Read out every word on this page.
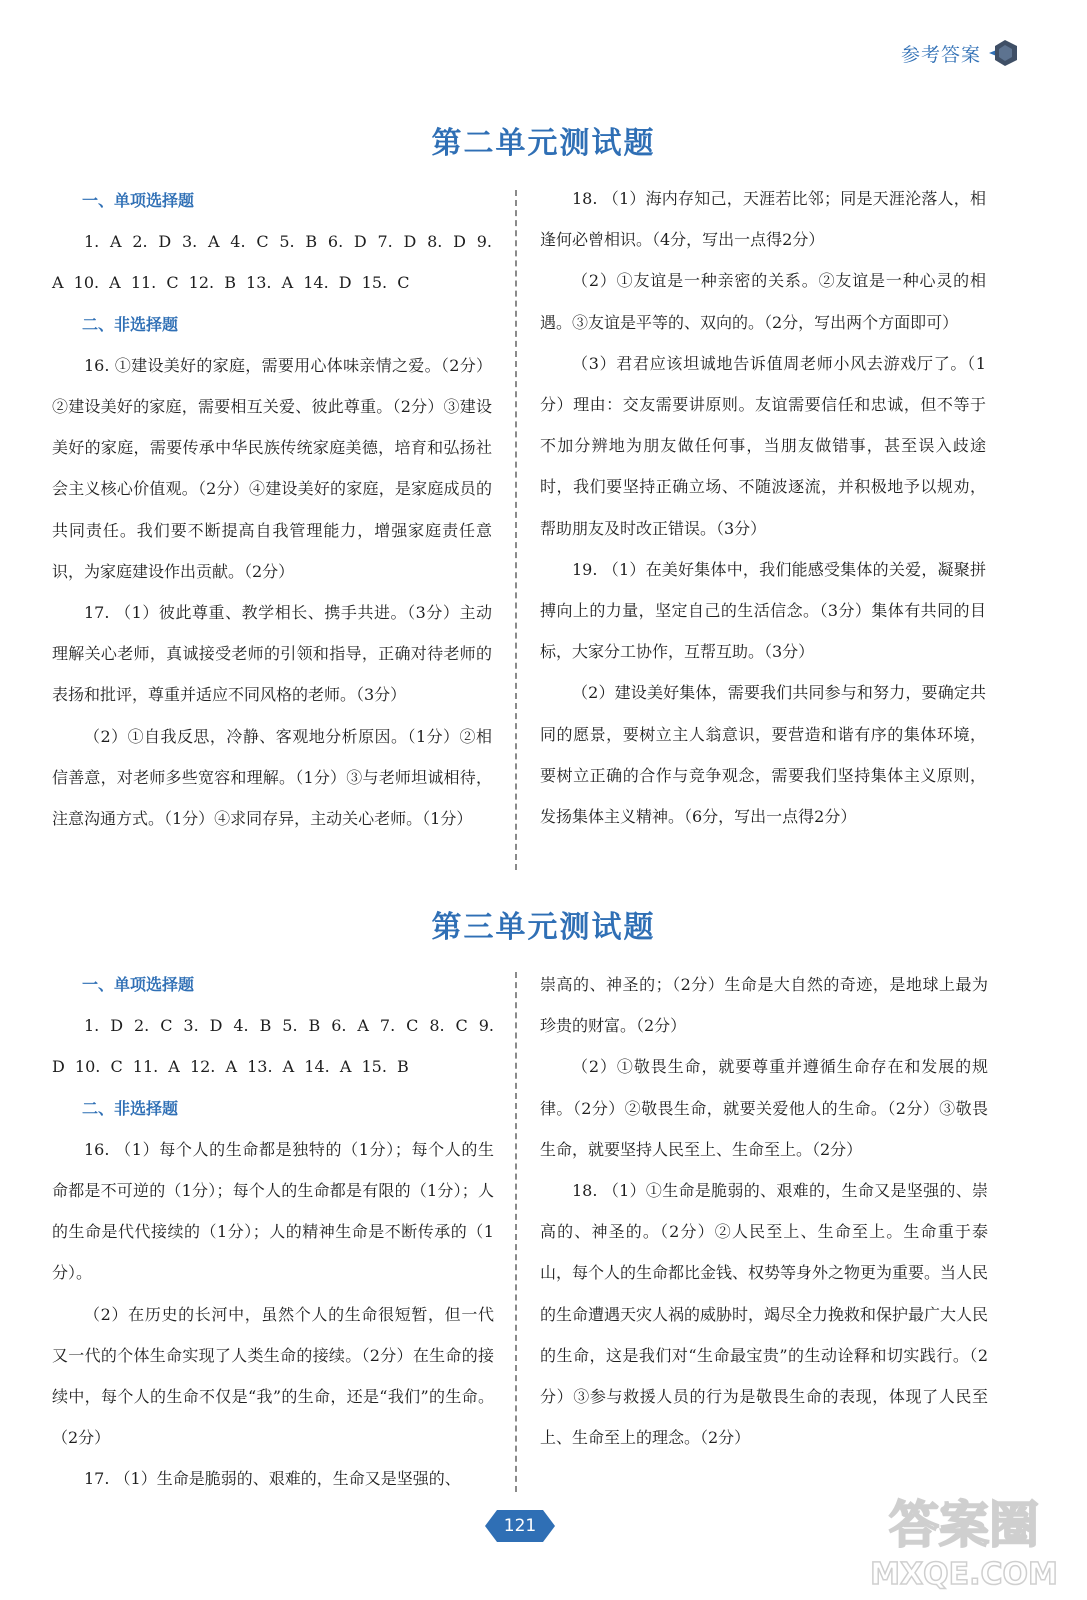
参考答案
第二单元测试题

一、单项选择题

1. A 2. D 3. A 4. C 5. B 6. D 7. D 8. D 9. A 10. A 11. C 12. B 13. A 14. D 15. C

二、非选择题

16. ①建设美好的家庭，需要用心体味亲情之爱。（2分）②建设美好的家庭，需要相互关爱、彼此尊重。（2分）③建设美好的家庭，需要传承中华民族传统家庭美德，培育和弘扬社会主义核心价值观。（2分）④建设美好的家庭，是家庭成员的共同责任。我们要不断提高自我管理能力，增强家庭责任意识，为家庭建设作出贡献。（2分）

17. （1）彼此尊重、教学相长、携手共进。（3分）主动理解关心老师，真诚接受老师的引领和指导，正确对待老师的表扬和批评，尊重并适应不同风格的老师。（3分）

（2）①自我反思，冷静、客观地分析原因。（1分）②相信善意，对老师多些宽容和理解。（1分）③与老师坦诚相待，注意沟通方式。（1分）④求同存异，主动关心老师。（1分）

18. （1）海内存知己，天涯若比邻；同是天涯沦落人，相逢何必曾相识。（4分，写出一点得2分）

（2）①友谊是一种亲密的关系。②友谊是一种心灵的相遇。③友谊是平等的、双向的。（2分，写出两个方面即可）

（3）君君应该坦诚地告诉值周老师小风去游戏厅了。（1分）理由：交友需要讲原则。友谊需要信任和忠诚，但不等于不加分辨地为朋友做任何事，当朋友做错事，甚至误入歧途时，我们要坚持正确立场、不随波逐流，并积极地予以规劝，帮助朋友及时改正错误。（3分）

19. （1）在美好集体中，我们能感受集体的关爱，凝聚拼搏向上的力量，坚定自己的生活信念。（3分）集体有共同的目标，大家分工协作，互帮互助。（3分）

（2）建设美好集体，需要我们共同参与和努力，要确定共同的愿景，要树立主人翁意识，要营造和谐有序的集体环境，要树立正确的合作与竞争观念，需要我们坚持集体主义原则，发扬集体主义精神。（6分，写出一点得2分）

第三单元测试题

一、单项选择题

1. D 2. C 3. D 4. B 5. B 6. A 7. C 8. C 9. D 10. C 11. A 12. A 13. A 14. A 15. B

二、非选择题

16. （1）每个人的生命都是独特的（1分）；每个人的生命都是不可逆的（1分）；每个人的生命都是有限的（1分）；人的生命是代代接续的（1分）；人的精神生命是不断传承的（1分）。

（2）在历史的长河中，虽然个人的生命很短暂，但一代又一代的个体生命实现了人类生命的接续。（2分）在生命的接续中，每个人的生命不仅是“我”的生命，还是“我们”的生命。（2分）

17. （1）生命是脆弱的、艰难的，生命又是坚强的、

崇高的、神圣的；（2分）生命是大自然的奇迹，是地球上最为珍贵的财富。（2分）

（2）①敬畏生命，就要尊重并遵循生命存在和发展的规律。（2分）②敬畏生命，就要关爱他人的生命。（2分）③敬畏生命，就要坚持人民至上、生命至上。（2分）

18. （1）①生命是脆弱的、艰难的，生命又是坚强的、崇高的、神圣的。（2分）②人民至上、生命至上。生命重于泰山，每个人的生命都比金钱、权势等身外之物更为重要。当人民的生命遭遇天灾人祸的威胁时，竭尽全力挽救和保护最广大人民的生命，这是我们对“生命最宝贵”的生动诠释和切实践行。（2分）③参与救援人员的行为是敬畏生命的表现，体现了人民至上、生命至上的理念。（2分）

121	答案圈
MXQE.COM
